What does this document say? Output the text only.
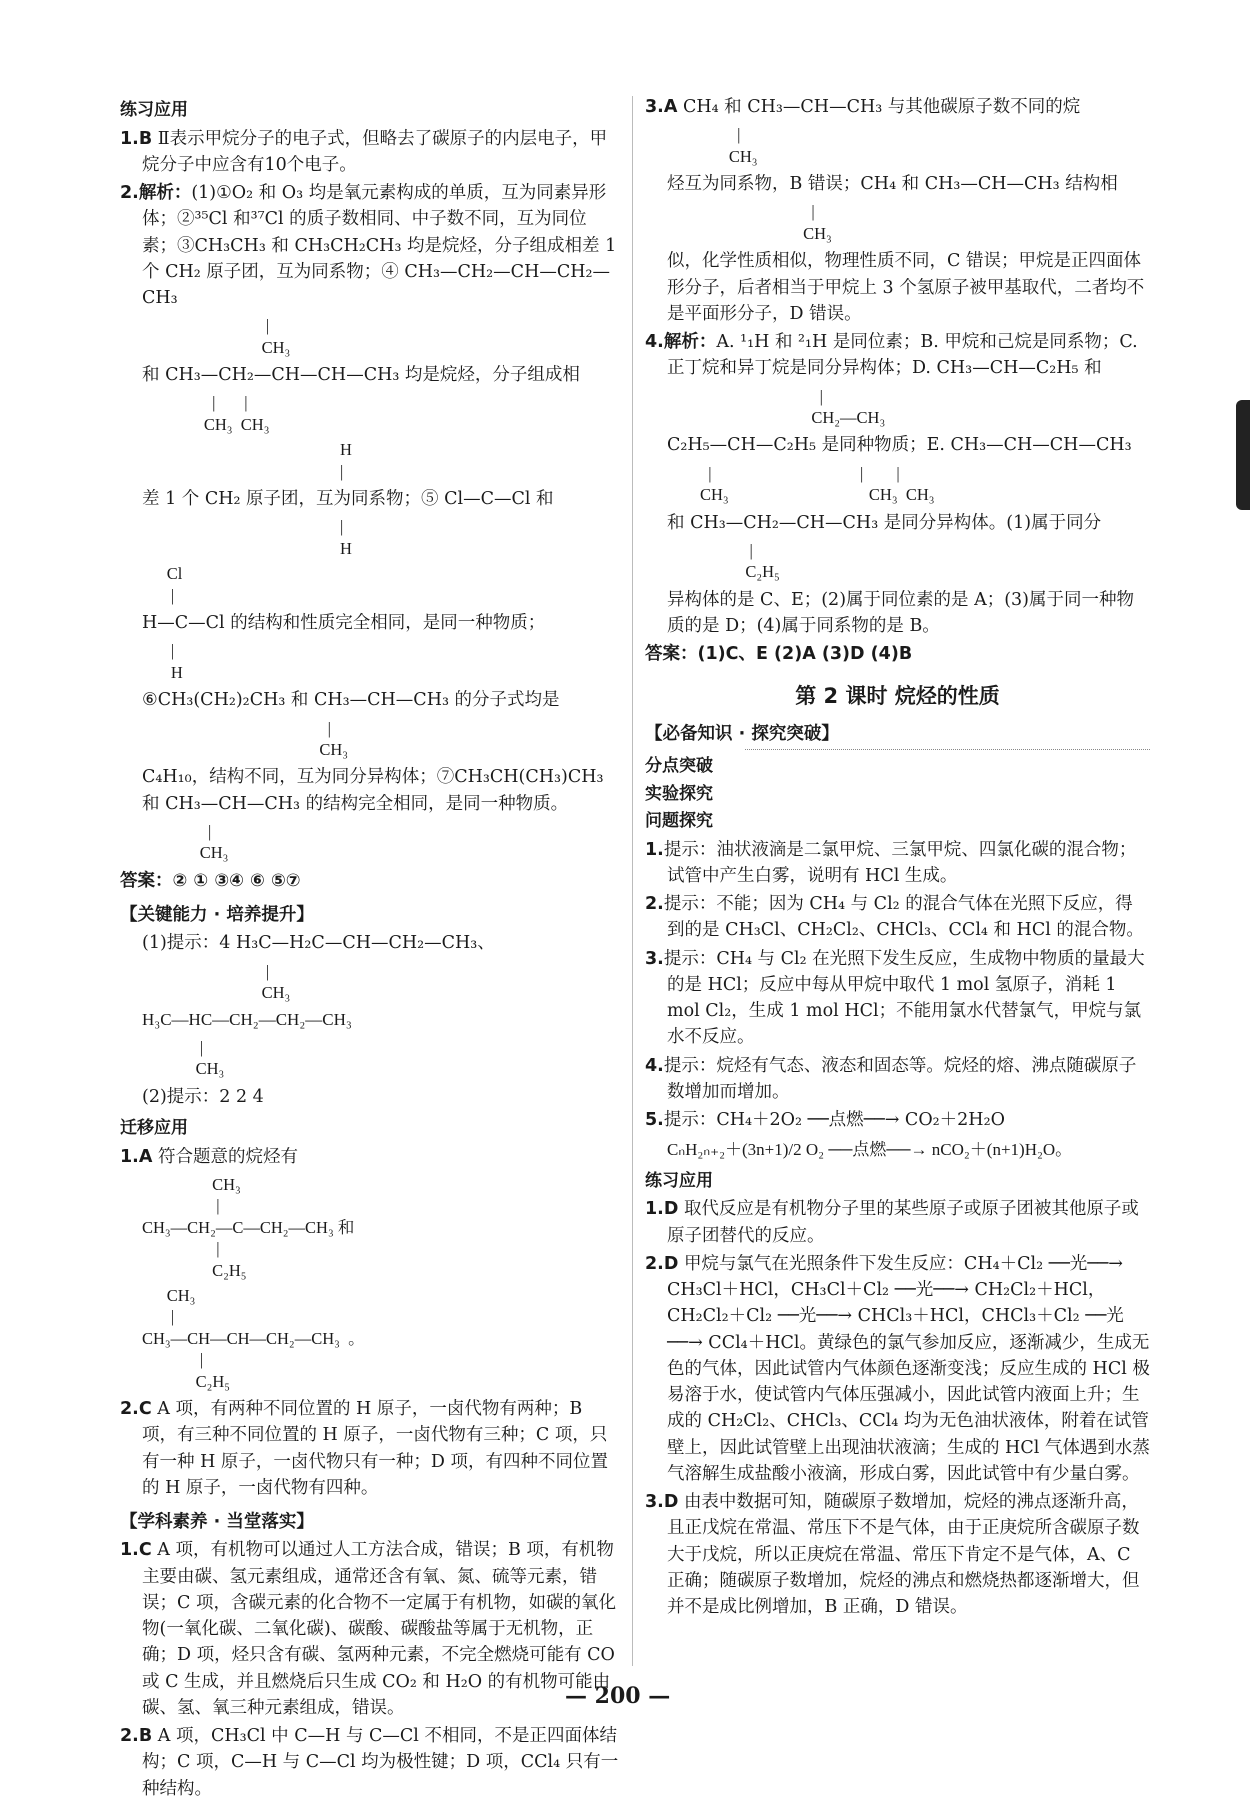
练习应用
1.B Ⅱ表示甲烷分子的电子式，但略去了碳原子的内层电子，甲烷分子中应含有10个电子。
2.解析：(1)①O₂ 和 O₃ 均是氧元素构成的单质，互为同素异形体；②³⁵Cl 和³⁷Cl 的质子数相同、中子数不同，互为同位素；③CH₃CH₃ 和 CH₃CH₂CH₃ 均是烷烃，分子组成相差 1 个 CH₂ 原子团，互为同系物；④ CH₃—CH₂—CH—CH₂—CH₃
|
CH₃
和 CH₃—CH₂—CH—CH—CH₃ 均是烷烃，分子组成相
|       |
CH₃  CH₃
H
|
差 1 个 CH₂ 原子团，互为同系物；⑤ Cl—C—Cl 和
|
H
Cl
|
H—C—Cl 的结构和性质完全相同，是同一种物质；
|
H
⑥CH₃(CH₂)₂CH₃ 和 CH₃—CH—CH₃ 的分子式均是
|
CH₃
C₄H₁₀，结构不同，互为同分异构体；⑦CH₃CH(CH₃)CH₃ 和 CH₃—CH—CH₃ 的结构完全相同，是同一种物质。
|
CH₃
答案：② ① ③④ ⑥ ⑤⑦
【关键能力 · 培养提升】
(1)提示：4 H₃C—H₂C—CH—CH₂—CH₃、
|
CH₃
H₃C—HC—CH₂—CH₂—CH₃
|
CH₃
(2)提示：2 2 4
迁移应用
1.A 符合题意的烷烃有
CH₃
|
CH₃—CH₂—C—CH₂—CH₃ 和
|
C₂H₅
CH₃
|
CH₃—CH—CH—CH₂—CH₃  。
|
C₂H₅
2.C A 项，有两种不同位置的 H 原子，一卤代物有两种；B 项，有三种不同位置的 H 原子，一卤代物有三种；C 项，只有一种 H 原子，一卤代物只有一种；D 项，有四种不同位置的 H 原子，一卤代物有四种。
【学科素养 · 当堂落实】
1.C A 项，有机物可以通过人工方法合成，错误；B 项，有机物主要由碳、氢元素组成，通常还含有氧、氮、硫等元素，错误；C 项，含碳元素的化合物不一定属于有机物，如碳的氧化物(一氧化碳、二氧化碳)、碳酸、碳酸盐等属于无机物，正确；D 项，烃只含有碳、氢两种元素，不完全燃烧可能有 CO 或 C 生成，并且燃烧后只生成 CO₂ 和 H₂O 的有机物可能由碳、氢、氧三种元素组成，错误。
2.B A 项，CH₃Cl 中 C—H 与 C—Cl 不相同，不是正四面体结构；C 项，C—H 与 C—Cl 均为极性键；D 项，CCl₄ 只有一种结构。
3.A CH₄ 和 CH₃—CH—CH₃ 与其他碳原子数不同的烷
|
CH₃
烃互为同系物，B 错误；CH₄ 和 CH₃—CH—CH₃ 结构相
|
CH₃
似，化学性质相似，物理性质不同，C 错误；甲烷是正四面体形分子，后者相当于甲烷上 3 个氢原子被甲基取代，二者均不是平面形分子，D 错误。
4.解析：A. ¹₁H 和 ²₁H 是同位素；B. 甲烷和己烷是同系物；C. 正丁烷和异丁烷是同分异构体；D. CH₃—CH—C₂H₅ 和
|
CH₂—CH₃
C₂H₅—CH—C₂H₅ 是同种物质；E. CH₃—CH—CH—CH₃
|                                    |        |
CH₃                                  CH₃  CH₃
和 CH₃—CH₂—CH—CH₃ 是同分异构体。(1)属于同分
|
C₂H₅
异构体的是 C、E；(2)属于同位素的是 A；(3)属于同一种物质的是 D；(4)属于同系物的是 B。
答案：(1)C、E (2)A (3)D (4)B
第 2 课时 烷烃的性质
【必备知识 · 探究突破】
分点突破
实验探究
问题探究
1.提示：油状液滴是二氯甲烷、三氯甲烷、四氯化碳的混合物；试管中产生白雾，说明有 HCl 生成。
2.提示：不能；因为 CH₄ 与 Cl₂ 的混合气体在光照下反应，得到的是 CH₃Cl、CH₂Cl₂、CHCl₃、CCl₄ 和 HCl 的混合物。
3.提示：CH₄ 与 Cl₂ 在光照下发生反应，生成物中物质的量最大的是 HCl；反应中每从甲烷中取代 1 mol 氢原子，消耗 1 mol Cl₂，生成 1 mol HCl；不能用氯水代替氯气，甲烷与氯水不反应。
4.提示：烷烃有气态、液态和固态等。烷烃的熔、沸点随碳原子数增加而增加。
5.提示：CH₄＋2O₂ ──点燃──→ CO₂＋2H₂O
CₙH₂ₙ₊₂＋(3n+1)/2 O₂ ──点燃──→ nCO₂＋(n+1)H₂O。
练习应用
1.D 取代反应是有机物分子里的某些原子或原子团被其他原子或原子团替代的反应。
2.D 甲烷与氯气在光照条件下发生反应：CH₄＋Cl₂ ──光──→ CH₃Cl＋HCl，CH₃Cl＋Cl₂ ──光──→ CH₂Cl₂＋HCl，CH₂Cl₂＋Cl₂ ──光──→ CHCl₃＋HCl，CHCl₃＋Cl₂ ──光──→ CCl₄＋HCl。黄绿色的氯气参加反应，逐渐减少，生成无色的气体，因此试管内气体颜色逐渐变浅；反应生成的 HCl 极易溶于水，使试管内气体压强减小，因此试管内液面上升；生成的 CH₂Cl₂、CHCl₃、CCl₄ 均为无色油状液体，附着在试管壁上，因此试管壁上出现油状液滴；生成的 HCl 气体遇到水蒸气溶解生成盐酸小液滴，形成白雾，因此试管中有少量白雾。
3.D 由表中数据可知，随碳原子数增加，烷烃的沸点逐渐升高，且正戊烷在常温、常压下不是气体，由于正庚烷所含碳原子数大于戊烷，所以正庚烷在常温、常压下肯定不是气体，A、C 正确；随碳原子数增加，烷烃的沸点和燃烧热都逐渐增大，但并不是成比例增加，B 正确，D 错误。
— 200 —
